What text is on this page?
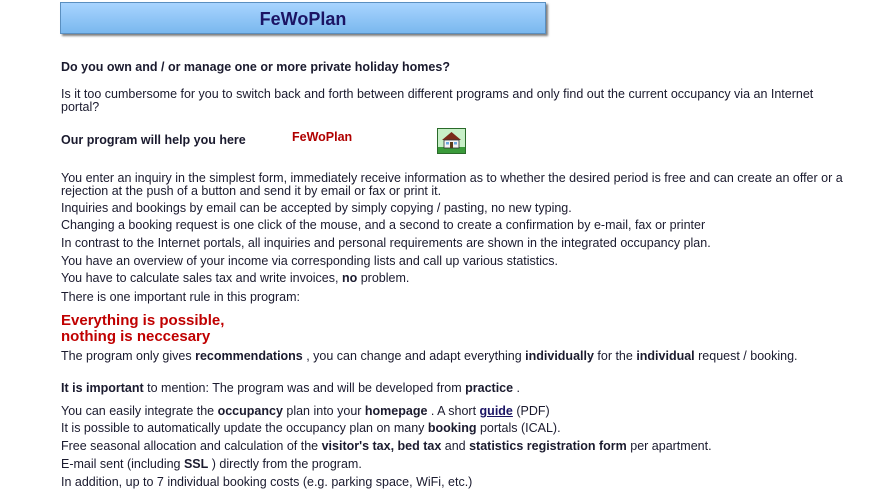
FeWoPlan
Do you own and / or manage one or more private holiday homes?
Is it too cumbersome for you to switch back and forth between different programs and only find out the current occupancy via an Internet portal?
Our program will help you here	FeWoPlan
You enter an inquiry in the simplest form, immediately receive information as to whether the desired period is free and can create an offer or a rejection at the push of a button and send it by email or fax or print it.
Inquiries and bookings by email can be accepted by simply copying / pasting, no new typing.
Changing a booking request is one click of the mouse, and a second to create a confirmation by e-mail, fax or printer
In contrast to the Internet portals, all inquiries and personal requirements are shown in the integrated occupancy plan.
You have an overview of your income via corresponding lists and call up various statistics.
You have to calculate sales tax and write invoices, no problem.
There is one important rule in this program:
Everything is possible,
nothing is neccesary
The program only gives recommendations , you can change and adapt everything individually for the individual request / booking.
It is important to mention: The program was and will be developed from practice .
You can easily integrate the occupancy plan into your homepage . A short guide (PDF)
It is possible to automatically update the occupancy plan on many booking portals (ICAL).
Free seasonal allocation and calculation of the visitor's tax, bed tax and statistics registration form per apartment.
E-mail sent (including SSL ) directly from the program.
In addition, up to 7 individual booking costs (e.g. parking space, WiFi, etc.)
